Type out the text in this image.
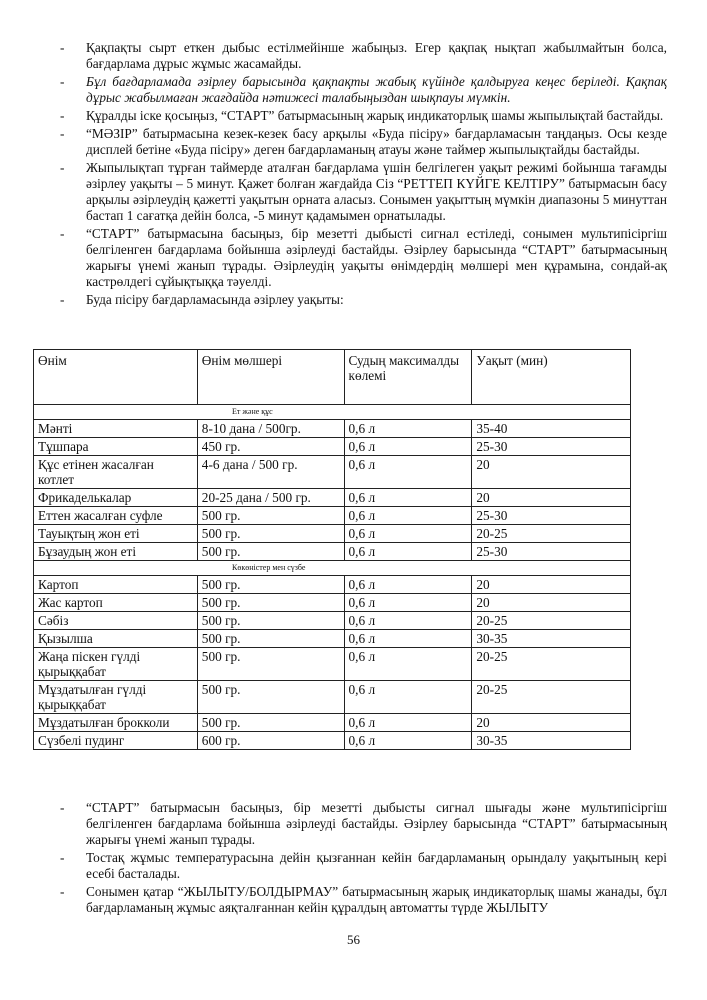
- Қақпақты сырт еткен дыбыс естілмейінше жабыңыз. Егер қақпақ нықтап жабылмайтын болса, бағдарлама дұрыс жұмыс жасамайды.
- Бұл бағдарламада әзірлеу барысында қақпақты жабық күйінде қалдыруға кеңес беріледі. Қақпақ дұрыс жабылмаған жағдайда нәтижесі талабыңыздан шықпауы мүмкін.
- Құралды іске қосыңыз, “СТАРТ” батырмасының жарық индикаторлық шамы жыпылықтай бастайды.
- “МӘЗІР” батырмасына кезек-кезек басу арқылы «Буда пісіру» бағдарламасын таңдаңыз. Осы кезде дисплей бетіне «Буда пісіру» деген бағдарламаның атауы және таймер жыпылықтайды бастайды.
- Жыпылықтап тұрған таймерде аталған бағдарлама үшін белгілеген уақыт режимі бойынша тағамды әзірлеу уақыты – 5 минут. Қажет болған жағдайда Сіз “РЕТТЕП КҮЙГЕ КЕЛТІРУ” батырмасын басу арқылы әзірлеудің қажетті уақытын орната аласыз. Сонымен уақыттың мүмкін диапазоны 5 минуттан бастап 1 сағатқа дейін болса, -5 минут қадамымен орнатылады.
- “СТАРТ” батырмасына басыңыз, бір мезетті дыбысті сигнал естіледі, сонымен мультипісіргіш белгіленген бағдарлама бойынша әзірлеуді бастайды. Әзірлеу барысында “СТАРТ” батырмасының жарығы үнемі жанып тұрады. Әзірлеудің уақыты өнімдердің мөлшері мен құрамына, сондай-ақ кастрөлдегі сұйықтыққа тәуелді.
- Буда пісіру бағдарламасында әзірлеу уақыты:
Өнім	Өнім мөлшері	Судың максималды көлемі	Уақыт (мин)
Ет және құс			
Мәнті	8-10 дана / 500гр.	0,6 л	35-40
Тұшпара	450 гр.	0,6 л	25-30
Құс етінен жасалған котлет	4-6 дана / 500 гр.	0,6 л	20
Фрикаделькалар	20-25 дана / 500 гр.	0,6 л	20
Еттен жасалған суфле	500 гр.	0,6 л	25-30
Тауықтың жон еті	500 гр.	0,6 л	20-25
Бұзаудың жон еті	500 гр.	0,6 л	25-30
Көкөністер мен сүзбе			
Картоп	500 гр.	0,6 л	20
Жас картоп	500 гр.	0,6 л	20
Сәбіз	500 гр.	0,6 л	20-25
Қызылша	500 гр.	0,6 л	30-35
Жаңа піскен гүлді қырыққабат	500 гр.	0,6 л	20-25
Мұздатылған гүлді қырыққабат	500 гр.	0,6 л	20-25
Мұздатылған брокколи	500 гр.	0,6 л	20
Сүзбелі пудинг	600 гр.	0,6 л	30-35
- “СТАРТ” батырмасын басыңыз, бір мезетті дыбысты сигнал шығады және мультипісіргіш белгіленген бағдарлама бойынша әзірлеуді бастайды. Әзірлеу барысында “СТАРТ” батырмасының жарығы үнемі жанып тұрады.
- Тостақ жұмыс температурасына дейін қызғаннан кейін бағдарламаның орындалу уақытының кері есебі басталады.
- Сонымен қатар “ЖЫЛЫТУ/БОЛДЫРМАУ” батырмасының жарық индикаторлық шамы жанады, бұл бағдарламаның жұмыс аяқталғаннан кейін құралдың автоматты түрде ЖЫЛЫТУ
56
